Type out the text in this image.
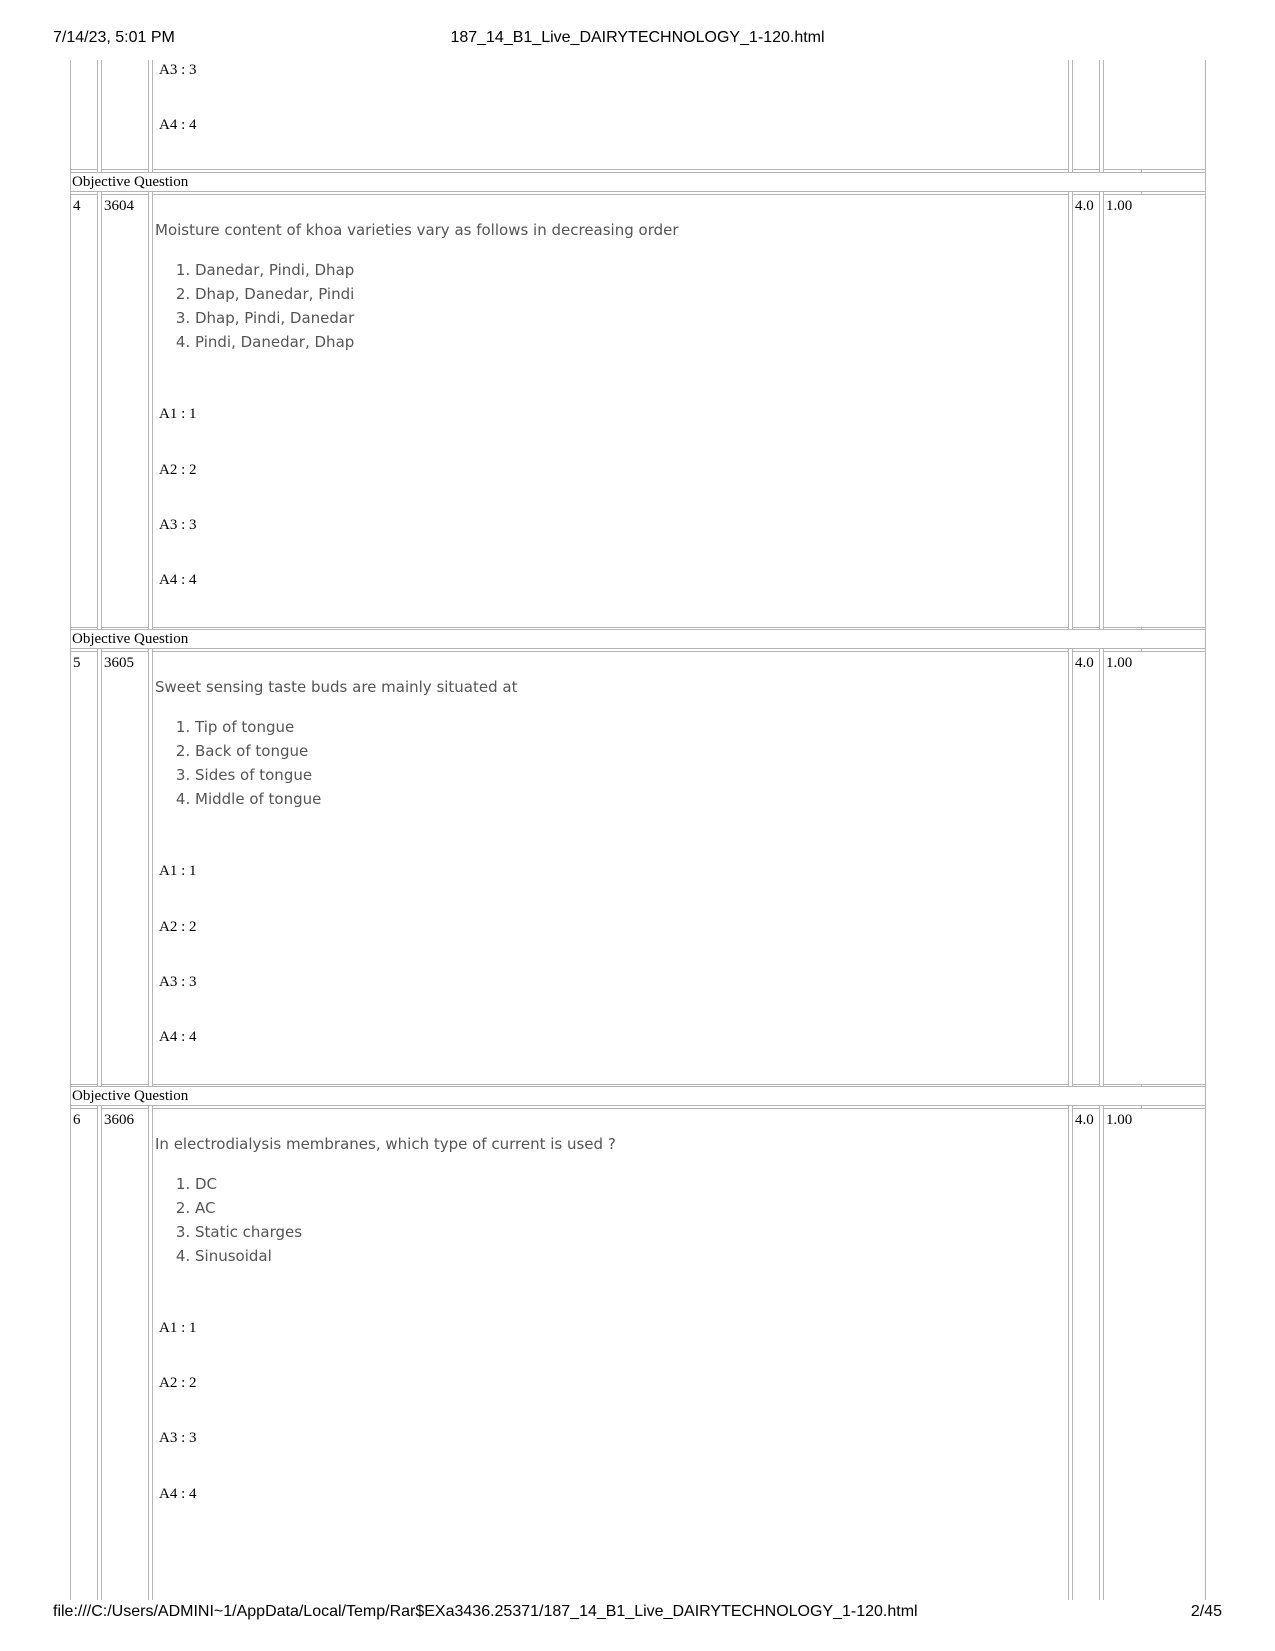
7/14/23, 5:01 PM	187_14_B1_Live_DAIRYTECHNOLOGY_1-120.html
A3 : 3
A4 : 4
Objective Question
4 3604	4.0 1.00
Moisture content of khoa varieties vary as follows in decreasing order
1. Danedar, Pindi, Dhap
2. Dhap, Danedar, Pindi
3. Dhap, Pindi, Danedar
4. Pindi, Danedar, Dhap
A1 : 1
A2 : 2
A3 : 3
A4 : 4
Objective Question
5 3605	4.0 1.00
Sweet sensing taste buds are mainly situated at
1. Tip of tongue
2. Back of tongue
3. Sides of tongue
4. Middle of tongue
A1 : 1
A2 : 2
A3 : 3
A4 : 4
Objective Question
6 3606	4.0 1.00
In electrodialysis membranes, which type of current is used ?
1. DC
2. AC
3. Static charges
4. Sinusoidal
A1 : 1
A2 : 2
A3 : 3
A4 : 4
file:///C:/Users/ADMINI~1/AppData/Local/Temp/Rar$EXa3436.25371/187_14_B1_Live_DAIRYTECHNOLOGY_1-120.html	2/45
